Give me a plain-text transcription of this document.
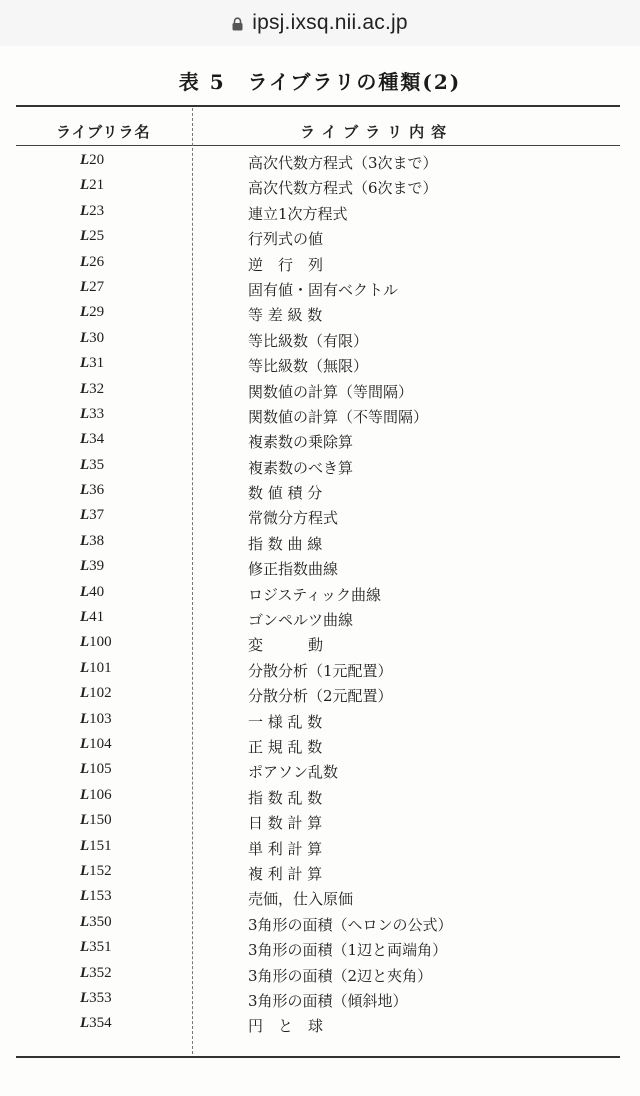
ipsj.ixsq.nii.ac.jp
表 5　ライブラリの種類(2)
ライブリラ名	ライブラリ内容
L20	高次代数方程式（3次まで）
L21	高次代数方程式（6次まで）
L23	連立1次方程式
L25	行列式の値
L26	逆　行　列
L27	固有値・固有ベクトル
L29	等 差 級 数
L30	等比級数（有限）
L31	等比級数（無限）
L32	関数値の計算（等間隔）
L33	関数値の計算（不等間隔）
L34	複素数の乗除算
L35	複素数のべき算
L36	数 値 積 分
L37	常微分方程式
L38	指 数 曲 線
L39	修正指数曲線
L40	ロジスティック曲線
L41	ゴンペルツ曲線
L100	変　　　動
L101	分散分析（1元配置）
L102	分散分析（2元配置）
L103	一 様 乱 数
L104	正 規 乱 数
L105	ポアソン乱数
L106	指 数 乱 数
L150	日 数 計 算
L151	単 利 計 算
L152	複 利 計 算
L153	売価，仕入原価
L350	3角形の面積（ヘロンの公式）
L351	3角形の面積（1辺と両端角）
L352	3角形の面積（2辺と夾角）
L353	3角形の面積（傾斜地）
L354	円　と　球
